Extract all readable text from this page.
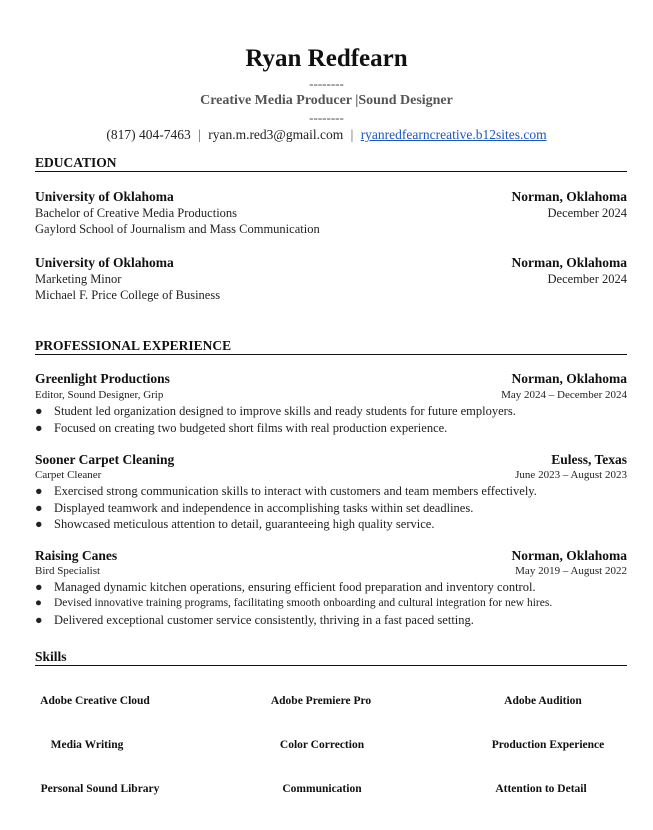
Ryan Redfearn
--------
Creative Media Producer |Sound Designer
--------
(817) 404-7463 | ryan.m.red3@gmail.com | ryanredfearncreative.b12sites.com
EDUCATION
University of Oklahoma	Norman, Oklahoma
Bachelor of Creative Media Productions	December 2024
Gaylord School of Journalism and Mass Communication
University of Oklahoma	Norman, Oklahoma
Marketing Minor	December 2024
Michael F. Price College of Business
PROFESSIONAL EXPERIENCE
Greenlight Productions	Norman, Oklahoma
Editor, Sound Designer, Grip	May 2024 – December 2024
● Student led organization designed to improve skills and ready students for future employers.
● Focused on creating two budgeted short films with real production experience.
Sooner Carpet Cleaning	Euless, Texas
Carpet Cleaner	June 2023 – August 2023
● Exercised strong communication skills to interact with customers and team members effectively.
● Displayed teamwork and independence in accomplishing tasks within set deadlines.
● Showcased meticulous attention to detail, guaranteeing high quality service.
Raising Canes	Norman, Oklahoma
Bird Specialist	May 2019 – August 2022
● Managed dynamic kitchen operations, ensuring efficient food preparation and inventory control.
● Devised innovative training programs, facilitating smooth onboarding and cultural integration for new hires.
● Delivered exceptional customer service consistently, thriving in a fast paced setting.
Skills
Adobe Creative Cloud	Adobe Premiere Pro	Adobe Audition
Media Writing	Color Correction	Production Experience
Personal Sound Library	Communication	Attention to Detail
